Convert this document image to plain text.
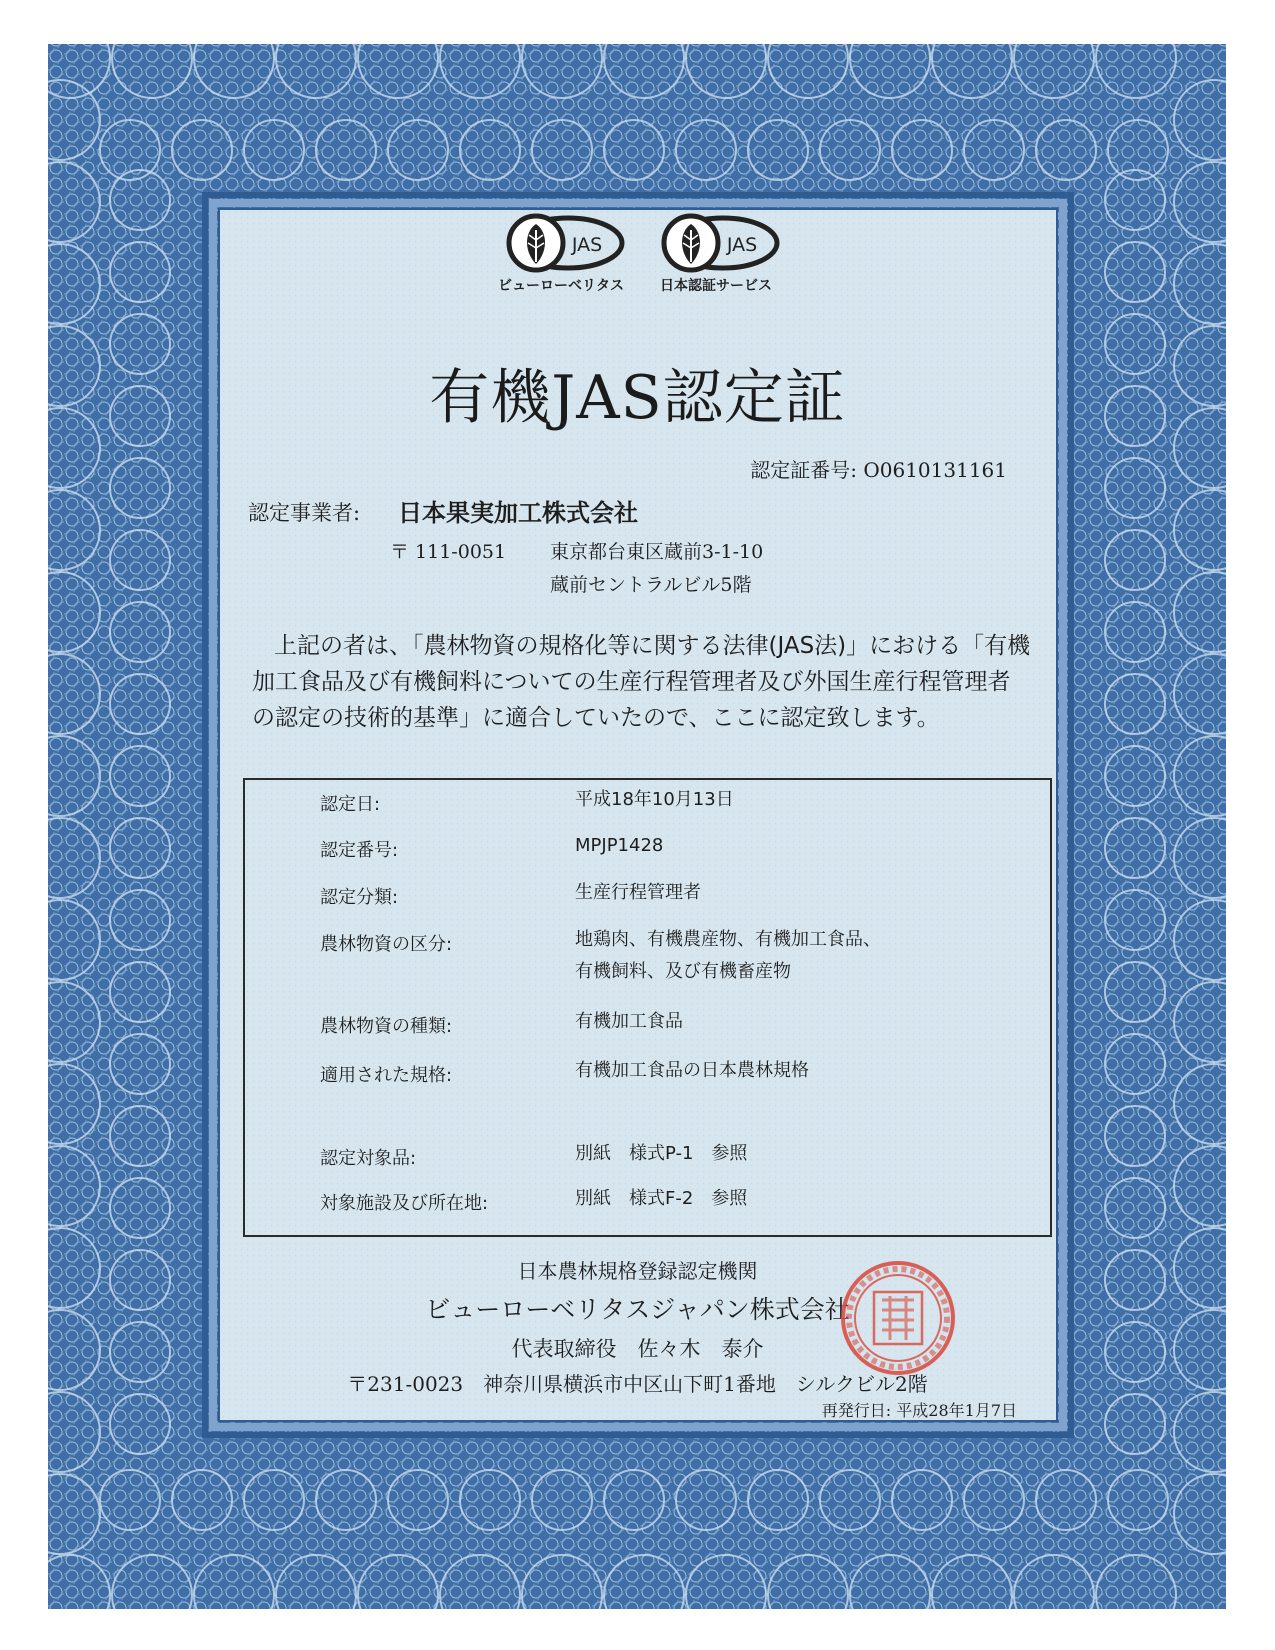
JAS
ビューローベリタス
JAS
日本認証サービス
有機JAS認定証
認定証番号: O0610131161
認定事業者: 日本果実加工株式会社
〒 111-0051 東京都台東区蔵前3-1-10
蔵前セントラルビル5階
上記の者は、「農林物資の規格化等に関する法律(JAS法)」における「有機加工食品及び有機飼料についての生産行程管理者及び外国生産行程管理者の認定の技術的基準」に適合していたので、ここに認定致します。
認定日:	平成18年10月13日
認定番号:	MPJP1428
認定分類:	生産行程管理者
農林物資の区分:	地鶏肉、有機農産物、有機加工食品、
有機飼料、及び有機畜産物
農林物資の種類:	有機加工食品
適用された規格:	有機加工食品の日本農林規格
認定対象品:	別紙　様式P-1　参照
対象施設及び所在地:	別紙　様式F-2　参照
日本農林規格登録認定機関
ビューローベリタスジャパン株式会社
代表取締役　佐々木　泰介
〒231-0023　神奈川県横浜市中区山下町1番地　シルクビル2階
再発行日: 平成28年1月7日
